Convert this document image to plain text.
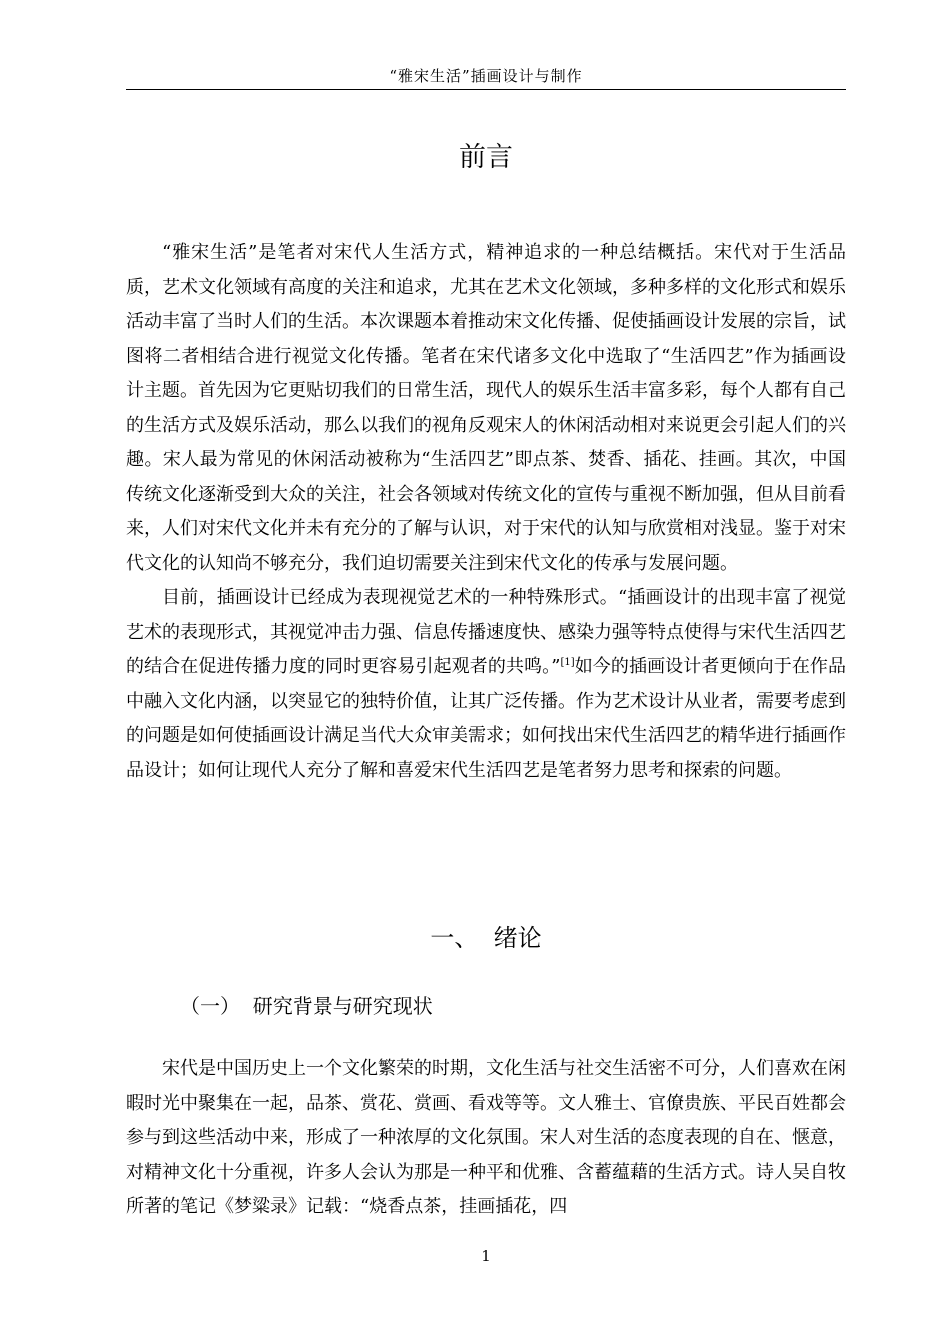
“雅宋生活”插画设计与制作
前言

“雅宋生活”是笔者对宋代人生活方式，精神追求的一种总结概括。宋代对于生活品质，艺术文化领域有高度的关注和追求，尤其在艺术文化领域，多种多样的文化形式和娱乐活动丰富了当时人们的生活。本次课题本着推动宋文化传播、促使插画设计发展的宗旨，试图将二者相结合进行视觉文化传播。笔者在宋代诸多文化中选取了“生活四艺”作为插画设计主题。首先因为它更贴切我们的日常生活，现代人的娱乐生活丰富多彩，每个人都有自己的生活方式及娱乐活动，那么以我们的视角反观宋人的休闲活动相对来说更会引起人们的兴趣。宋人最为常见的休闲活动被称为“生活四艺”即点茶、焚香、插花、挂画。其次，中国传统文化逐渐受到大众的关注，社会各领域对传统文化的宣传与重视不断加强，但从目前看来，人们对宋代文化并未有充分的了解与认识，对于宋代的认知与欣赏相对浅显。鉴于对宋代文化的认知尚不够充分，我们迫切需要关注到宋代文化的传承与发展问题。

目前，插画设计已经成为表现视觉艺术的一种特殊形式。“插画设计的出现丰富了视觉艺术的表现形式，其视觉冲击力强、信息传播速度快、感染力强等特点使得与宋代生活四艺的结合在促进传播力度的同时更容易引起观者的共鸣。”[1]如今的插画设计者更倾向于在作品中融入文化内涵，以突显它的独特价值，让其广泛传播。作为艺术设计从业者，需要考虑到的问题是如何使插画设计满足当代大众审美需求；如何找出宋代生活四艺的精华进行插画作品设计；如何让现代人充分了解和喜爱宋代生活四艺是笔者努力思考和探索的问题。

一、  绪论
（一）  研究背景与研究现状

宋代是中国历史上一个文化繁荣的时期，文化生活与社交生活密不可分，人们喜欢在闲暇时光中聚集在一起，品茶、赏花、赏画、看戏等等。文人雅士、官僚贵族、平民百姓都会参与到这些活动中来，形成了一种浓厚的文化氛围。宋人对生活的态度表现的自在、惬意，对精神文化十分重视，许多人会认为那是一种平和优雅、含蓄蕴藉的生活方式。诗人吴自牧所著的笔记《梦粱录》记载：“烧香点茶，挂画插花，四

1
